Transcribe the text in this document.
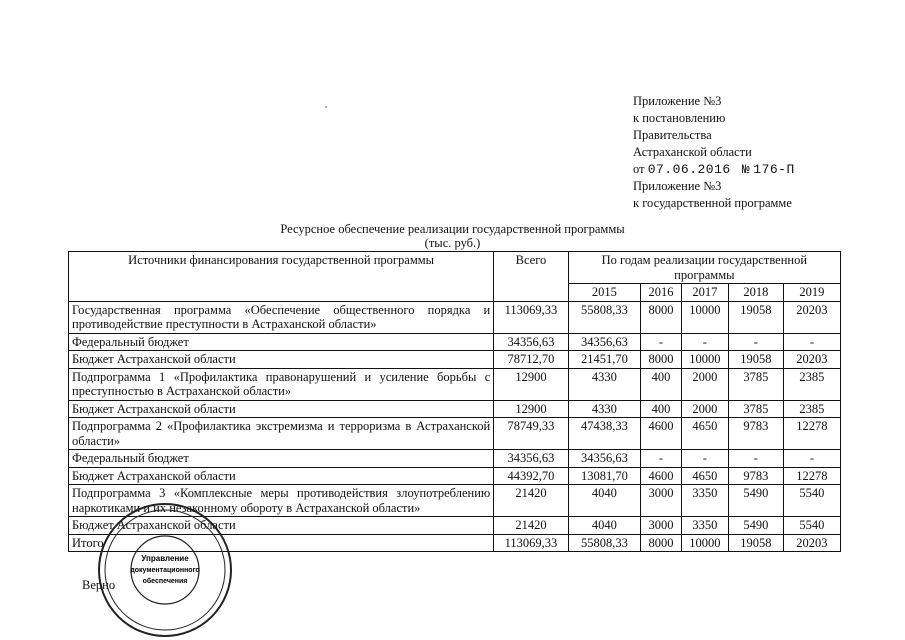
Приложение №3
к постановлению
Правительства
Астраханской области
от 07.06.2016 № 176-П
Приложение №3
к государственной программе
Ресурсное обеспечение реализации государственной программы
(тыс. руб.)
Источники финансирования государственной программы	Всего	По годам реализации государственной программы				
		2015	2016	2017	2018	2019
Государственная программа «Обеспечение общественного порядка и противодействие преступности в Астраханской области»	113069,33	55808,33	8000	10000	19058	20203
Федеральный бюджет	34356,63	34356,63	-	-	-	-
Бюджет Астраханской области	78712,70	21451,70	8000	10000	19058	20203
Подпрограмма 1 «Профилактика правонарушений и усиление борьбы с преступностью в Астраханской области»	12900	4330	400	2000	3785	2385
Бюджет Астраханской области	12900	4330	400	2000	3785	2385
Подпрограмма 2 «Профилактика экстремизма и терроризма в Астраханской области»	78749,33	47438,33	4600	4650	9783	12278
Федеральный бюджет	34356,63	34356,63	-	-	-	-
Бюджет Астраханской области	44392,70	13081,70	4600	4650	9783	12278
Подпрограмма 3 «Комплексные меры противодействия злоупотреблению наркотиками и их незаконному обороту в Астраханской области»	21420	4040	3000	3350	5490	5540
Бюджет Астраханской области	21420	4040	3000	3350	5490	5540
Итого	113069,33	55808,33	8000	10000	19058	20203
Управление
документационного
обеспечения
Верно
